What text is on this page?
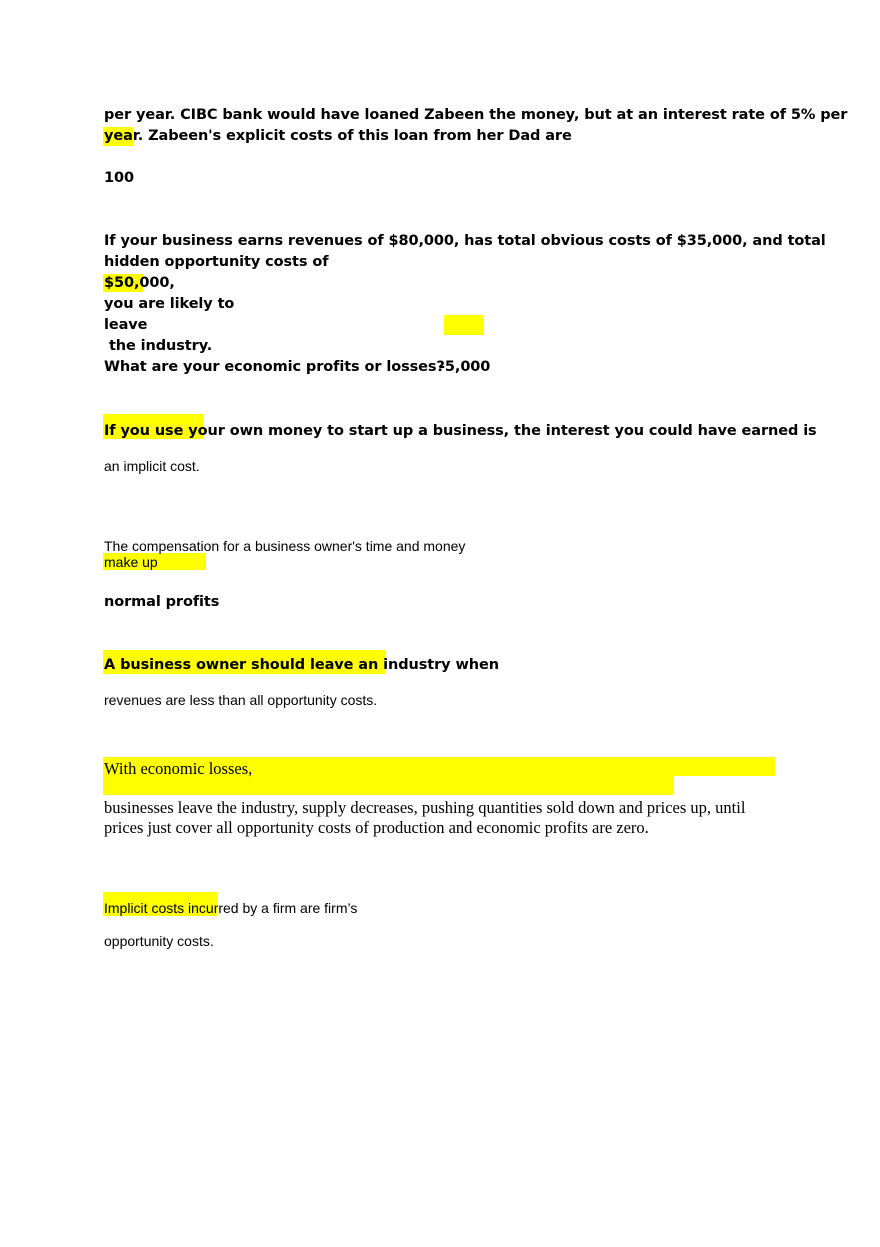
per year. CIBC bank would have loaned Zabeen the money, but at an interest rate of 5% per
year. Zabeen's explicit costs of this loan from her Dad are
100
If your business earns revenues of $80,000, has total obvious costs of $35,000, and total
hidden opportunity costs of
$50,000,
you are likely to
leave
the industry.
What are your economic profits or losses?
-5,000
If you use your own money to start up a business, the interest you could have earned is
an implicit cost.
The compensation for a business owner's time and money
make up
normal profits
A business owner should leave an industry when
revenues are less than all opportunity costs.
With economic losses,
businesses leave the industry, supply decreases, pushing quantities sold down and prices up, until
prices just cover all opportunity costs of production and economic profits are zero.
Implicit costs incurred by a firm are firm’s
opportunity costs.
